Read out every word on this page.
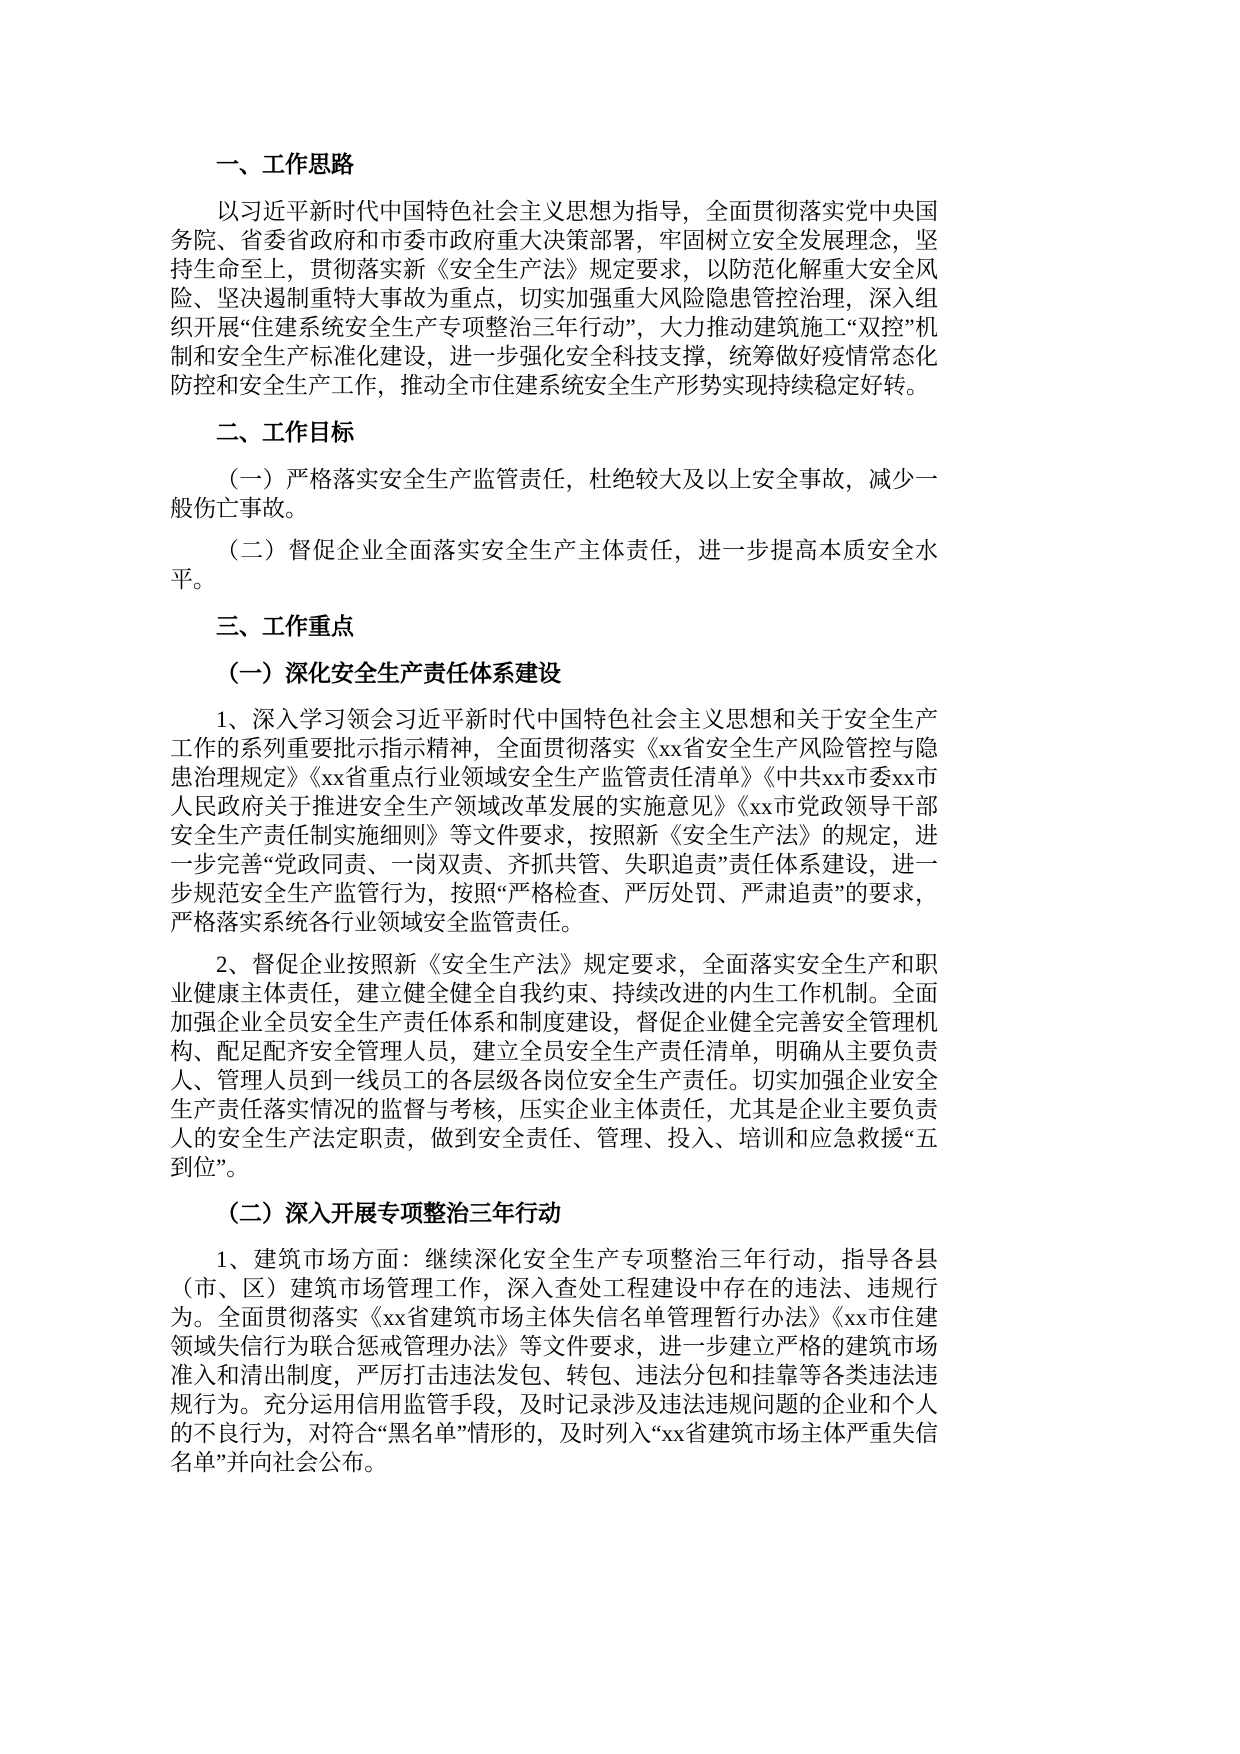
一、工作思路

以习近平新时代中国特色社会主义思想为指导，全面贯彻落实党中央国务院、省委省政府和市委市政府重大决策部署，牢固树立安全发展理念，坚持生命至上，贯彻落实新《安全生产法》规定要求，以防范化解重大安全风险、坚决遏制重特大事故为重点，切实加强重大风险隐患管控治理，深入组织开展“住建系统安全生产专项整治三年行动”，大力推动建筑施工“双控”机制和安全生产标准化建设，进一步强化安全科技支撑，统筹做好疫情常态化防控和安全生产工作，推动全市住建系统安全生产形势实现持续稳定好转。

二、工作目标

（一）严格落实安全生产监管责任，杜绝较大及以上安全事故，减少一般伤亡事故。

（二）督促企业全面落实安全生产主体责任，进一步提高本质安全水平。

三、工作重点
（一）深化安全生产责任体系建设

1、深入学习领会习近平新时代中国特色社会主义思想和关于安全生产工作的系列重要批示指示精神，全面贯彻落实《xx省安全生产风险管控与隐患治理规定》《xx省重点行业领域安全生产监管责任清单》《中共xx市委xx市人民政府关于推进安全生产领域改革发展的实施意见》《xx市党政领导干部安全生产责任制实施细则》等文件要求，按照新《安全生产法》的规定，进一步完善“党政同责、一岗双责、齐抓共管、失职追责”责任体系建设，进一步规范安全生产监管行为，按照“严格检查、严厉处罚、严肃追责”的要求，严格落实系统各行业领域安全监管责任。

2、督促企业按照新《安全生产法》规定要求，全面落实安全生产和职业健康主体责任，建立健全健全自我约束、持续改进的内生工作机制。全面加强企业全员安全生产责任体系和制度建设，督促企业健全完善安全管理机构、配足配齐安全管理人员，建立全员安全生产责任清单，明确从主要负责人、管理人员到一线员工的各层级各岗位安全生产责任。切实加强企业安全生产责任落实情况的监督与考核，压实企业主体责任，尤其是企业主要负责人的安全生产法定职责，做到安全责任、管理、投入、培训和应急救援“五到位”。

（二）深入开展专项整治三年行动

1、建筑市场方面：继续深化安全生产专项整治三年行动，指导各县（市、区）建筑市场管理工作，深入查处工程建设中存在的违法、违规行为。全面贯彻落实《xx省建筑市场主体失信名单管理暂行办法》《xx市住建领域失信行为联合惩戒管理办法》等文件要求，进一步建立严格的建筑市场准入和清出制度，严厉打击违法发包、转包、违法分包和挂靠等各类违法违规行为。充分运用信用监管手段，及时记录涉及违法违规问题的企业和个人的不良行为，对符合“黑名单”情形的，及时列入“xx省建筑市场主体严重失信名单”并向社会公布。
